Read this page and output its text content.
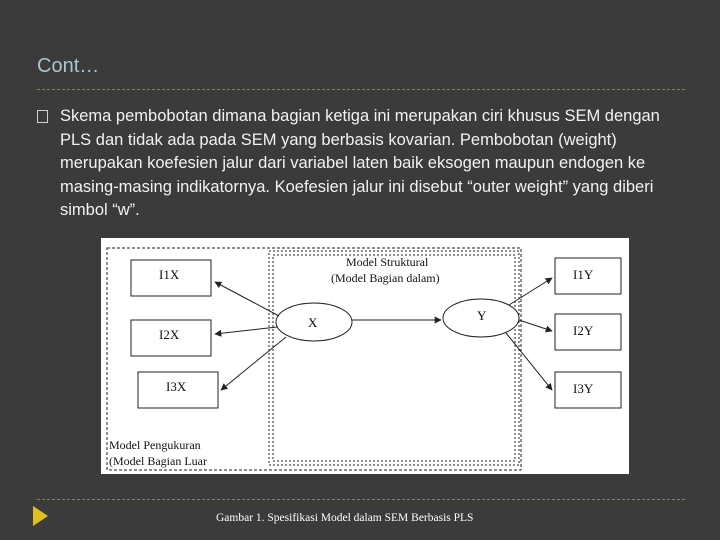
Cont…
Skema pembobotan dimana bagian ketiga ini merupakan ciri khusus SEM dengan PLS dan tidak ada pada SEM yang berbasis kovarian. Pembobotan (weight) merupakan koefesien jalur dari variabel laten baik eksogen maupun endogen ke masing-masing indikatornya. Koefesien jalur ini disebut “outer weight” yang diberi simbol “w”.
I1X
I2X
I3X
I1Y
I2Y
I3Y
X	Y
Model Struktural
(Model Bagian dalam)
Model Pengukuran
(Model Bagian Luar
Gambar 1. Spesifikasi Model dalam SEM Berbasis PLS
